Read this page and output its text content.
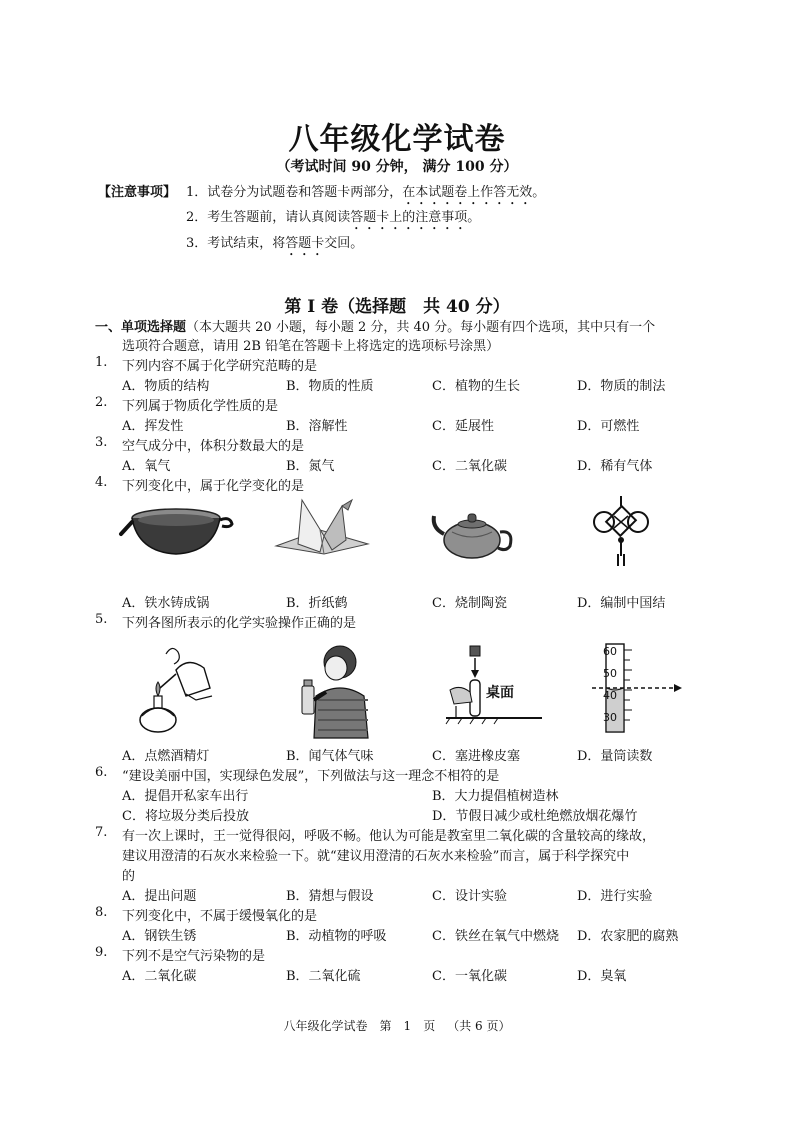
八年级化学试卷
（考试时间 90 分钟， 满分 100 分）
【注意事项】 1．试卷分为试题卷和答题卡两部分，在本试题卷上作答无效。
2．考生答题前，请认真阅读答题卡上的注意事项。
3．考试结束，将答题卡交回。
第 I 卷（选择题　共 40 分）
一、单项选择题（本大题共 20 小题，每小题 2 分，共 40 分。每小题有四个选项，其中只有一个
选项符合题意，请用 2B 铅笔在答题卡上将选定的选项标号涂黑）
1. 下列内容不属于化学研究范畴的是
A．物质的结构	B．物质的性质	C．植物的生长	D．物质的制法
2. 下列属于物质化学性质的是
A．挥发性	B．溶解性	C．延展性	D．可燃性
3. 空气成分中，体积分数最大的是
A．氧气	B．氮气	C．二氧化碳	D．稀有气体
4. 下列变化中，属于化学变化的是
A．铁水铸成锅	B．折纸鹤	C．烧制陶瓷	D．编制中国结
5. 下列各图所表示的化学实验操作正确的是
桌面
60
50
40
30
A．点燃酒精灯	B．闻气体气味	C．塞进橡皮塞	D．量筒读数
6. “建设美丽中国，实现绿色发展”，下列做法与这一理念不相符的是
A．提倡开私家车出行	B．大力提倡植树造林
C．将垃圾分类后投放	D．节假日减少或杜绝燃放烟花爆竹
7. 有一次上课时，王一觉得很闷，呼吸不畅。他认为可能是教室里二氧化碳的含量较高的缘故，
建议用澄清的石灰水来检验一下。就“建议用澄清的石灰水来检验”而言，属于科学探究中
的
A．提出问题	B．猜想与假设	C．设计实验	D．进行实验
8. 下列变化中，不属于缓慢氧化的是
A．钢铁生锈	B．动植物的呼吸	C．铁丝在氧气中燃烧 D．农家肥的腐熟
9. 下列不是空气污染物的是
A．二氧化碳	B．二氧化硫	C．一氧化碳	D．臭氧
八年级化学试卷 第 1 页 （共 6 页）
